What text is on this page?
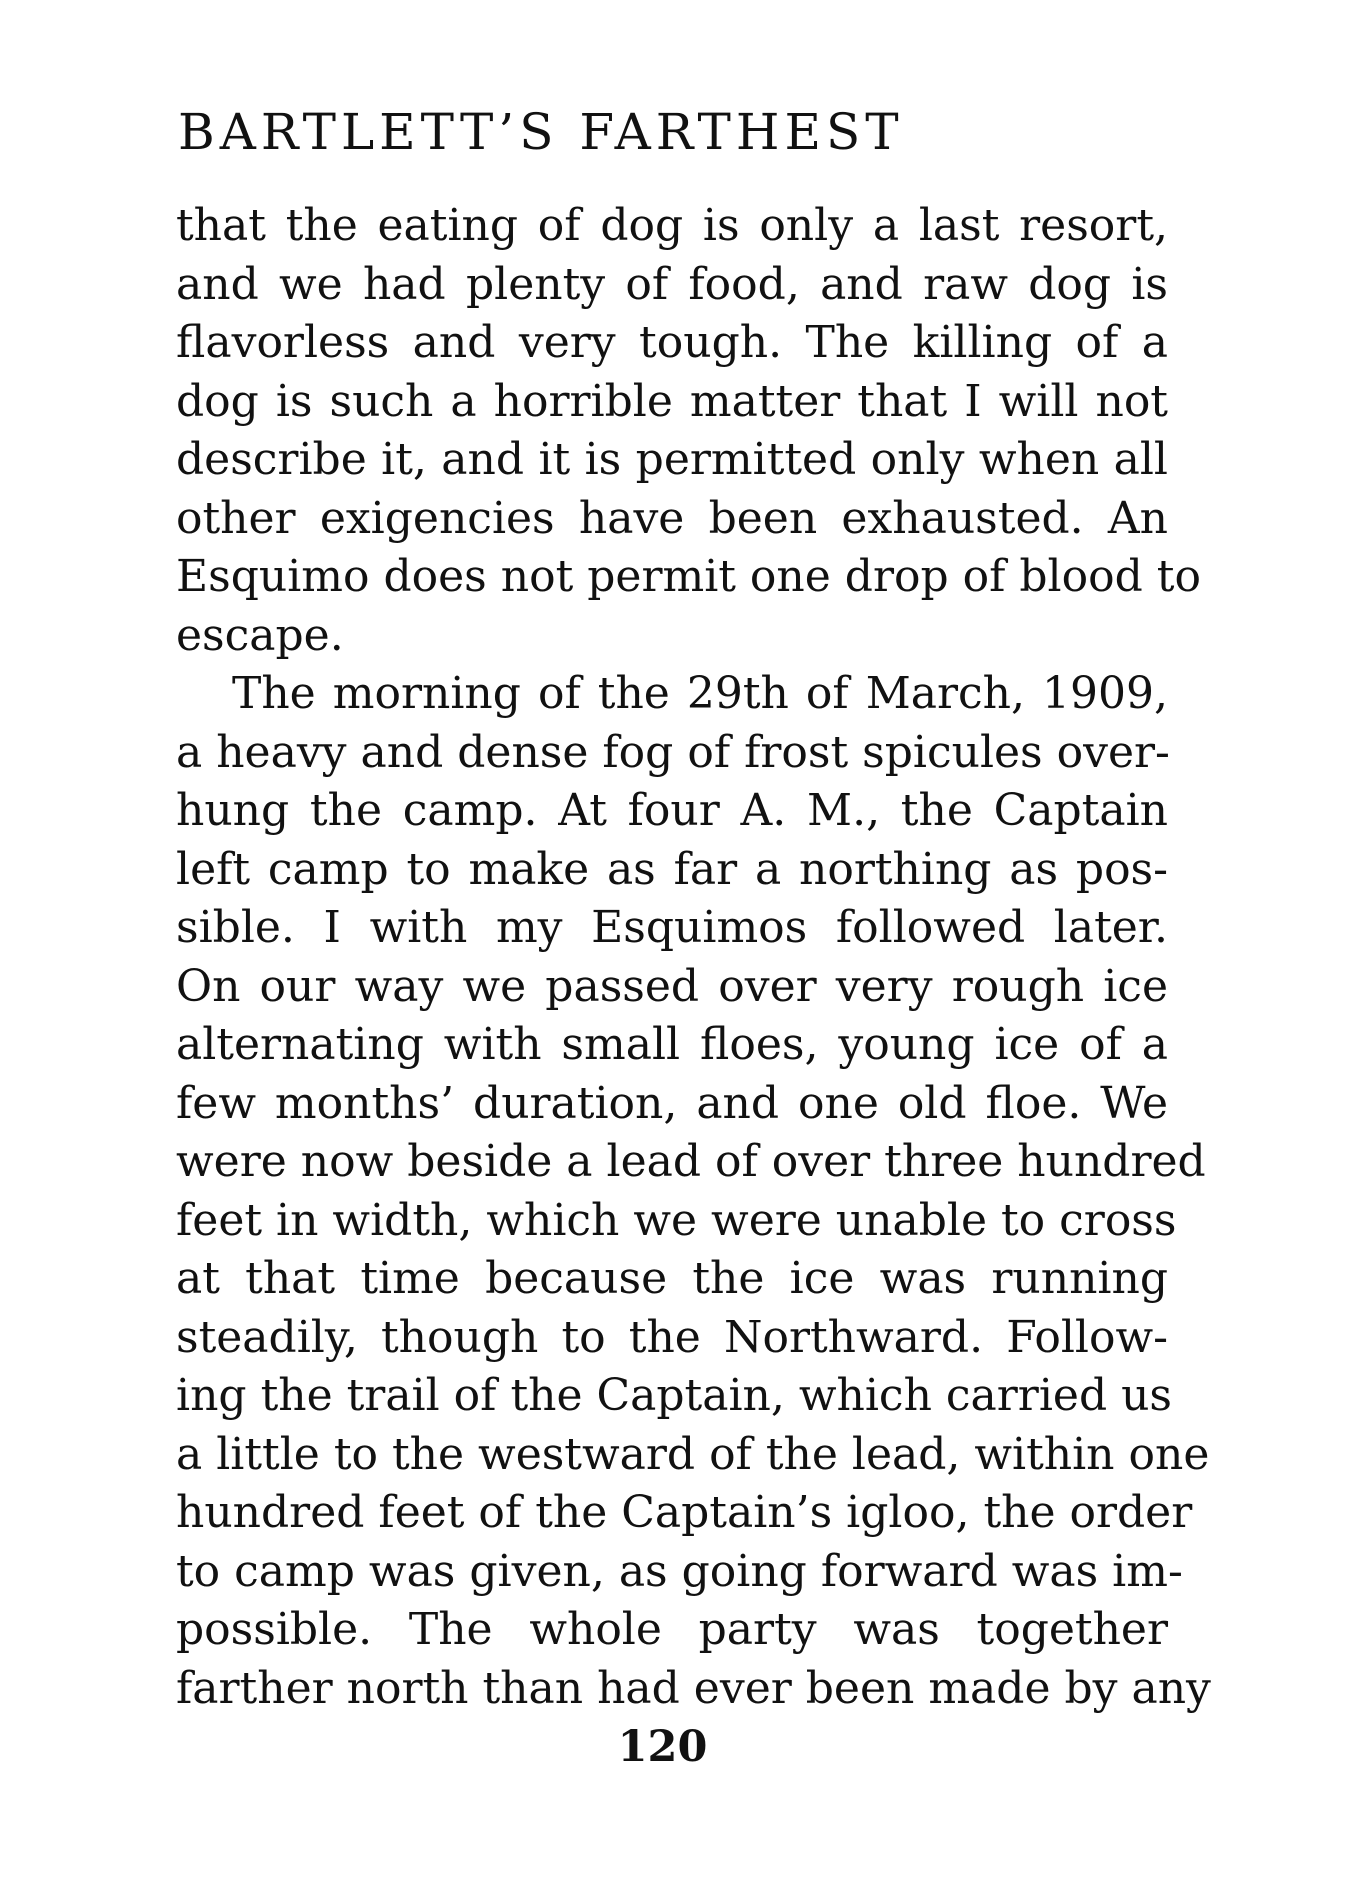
BARTLETT’S FARTHEST
that the eating of dog is only a last resort,
and we had plenty of food, and raw dog is
flavorless and very tough. The killing of a
dog is such a horrible matter that I will not
describe it, and it is permitted only when all
other exigencies have been exhausted. An
Esquimo does not permit one drop of blood to
escape.
The morning of the 29th of March, 1909,
a heavy and dense fog of frost spicules over-
hung the camp. At four A. M., the Captain
left camp to make as far a northing as pos-
sible. I with my Esquimos followed later.
On our way we passed over very rough ice
alternating with small floes, young ice of a
few months’ duration, and one old floe. We
were now beside a lead of over three hundred
feet in width, which we were unable to cross
at that time because the ice was running
steadily, though to the Northward. Follow-
ing the trail of the Captain, which carried us
a little to the westward of the lead, within one
hundred feet of the Captain’s igloo, the order
to camp was given, as going forward was im-
possible. The whole party was together
farther north than had ever been made by any
120
